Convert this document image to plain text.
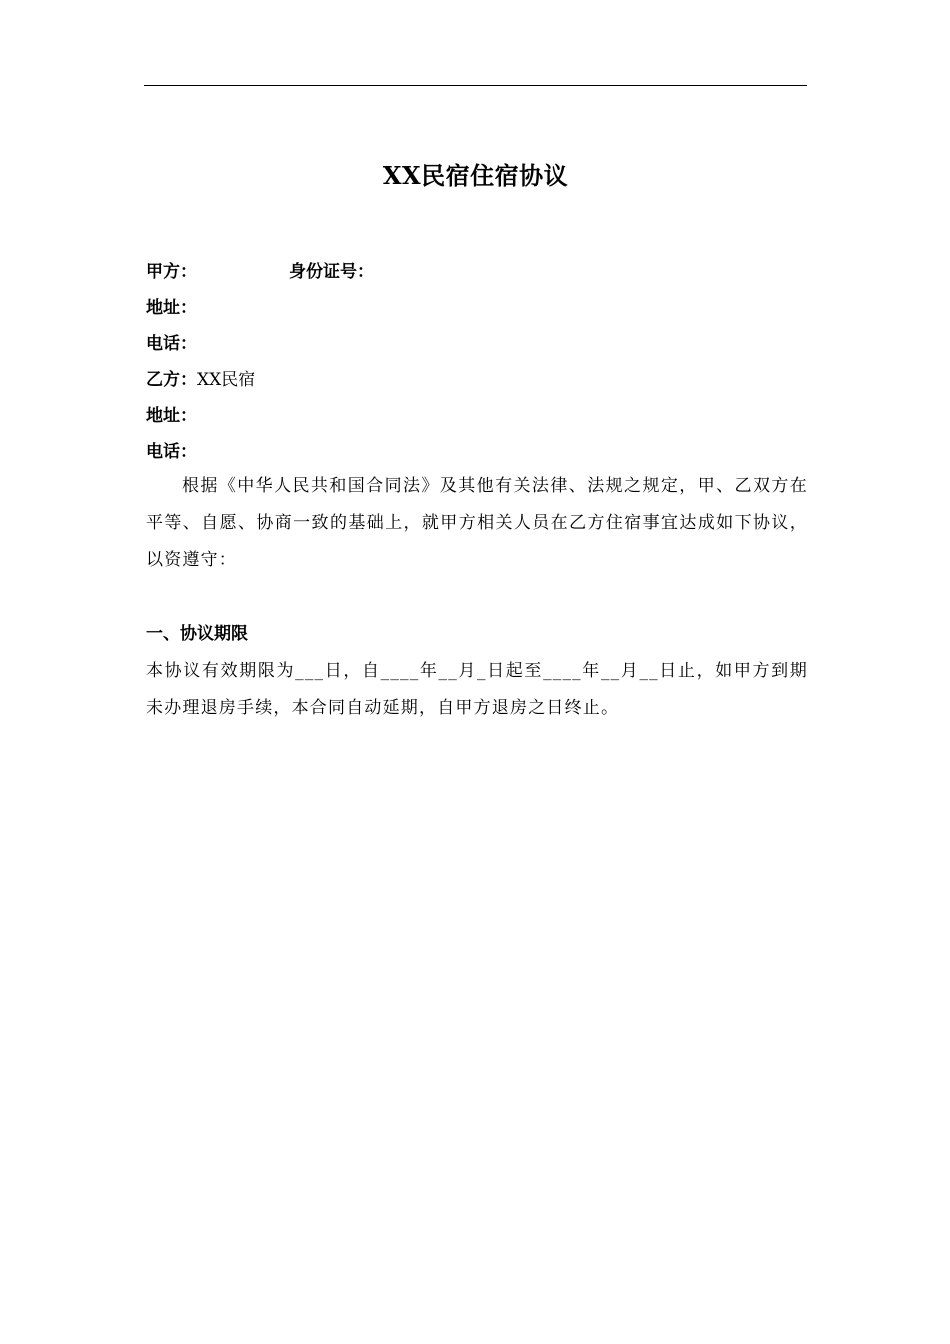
XX民宿住宿协议
甲方：	身份证号：
地址：
电话：
乙方：XX民宿
地址：
电话：
根据《中华人民共和国合同法》及其他有关法律、法规之规定，甲、乙双方在平等、自愿、协商一致的基础上，就甲方相关人员在乙方住宿事宜达成如下协议，以资遵守：
一、协议期限
本协议有效期限为___日，自____年__月_日起至____年__月__日止，如甲方到期未办理退房手续，本合同自动延期，自甲方退房之日终止。
